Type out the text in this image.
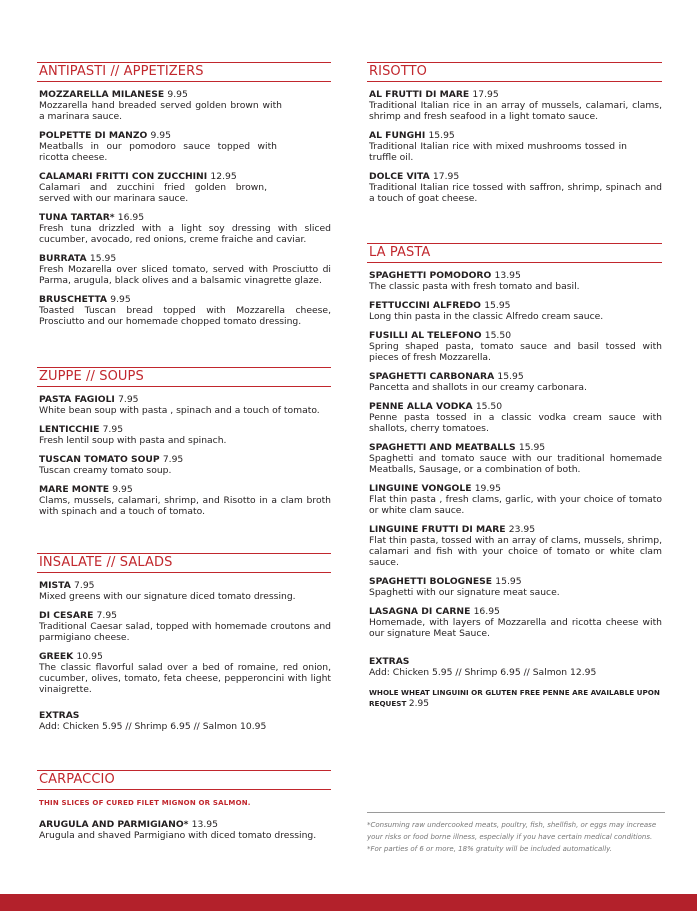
ANTIPASTI // APPETIZERS
MOZZARELLA MILANESE 9.95
Mozzarella hand breaded served golden brown with a marinara sauce.
POLPETTE DI MANZO 9.95
Meatballs in our pomodoro sauce topped with ricotta cheese.
CALAMARI FRITTI CON ZUCCHINI 12.95
Calamari and zucchini fried golden brown, served with our marinara sauce.
TUNA TARTAR* 16.95
Fresh tuna drizzled with a light soy dressing with sliced cucumber, avocado, red onions, creme fraiche and caviar.
BURRATA 15.95
Fresh Mozarella over sliced tomato, served with Prosciutto di Parma, arugula, black olives and a balsamic vinagrette glaze.
BRUSCHETTA 9.95
Toasted Tuscan bread topped with Mozzarella cheese, Prosciutto and our homemade chopped tomato dressing.
ZUPPE // SOUPS
PASTA FAGIOLI 7.95
White bean soup with pasta , spinach and a touch of tomato.
LENTICCHIE 7.95
Fresh lentil soup with pasta and spinach.
TUSCAN TOMATO SOUP 7.95
Tuscan creamy tomato soup.
MARE MONTE 9.95
Clams, mussels, calamari, shrimp, and Risotto in a clam broth with spinach and a touch of tomato.
INSALATE // SALADS
MISTA 7.95
Mixed greens with our signature diced tomato dressing.
DI CESARE 7.95
Traditional Caesar salad, topped with homemade croutons and parmigiano cheese.
GREEK 10.95
The classic flavorful salad over a bed of romaine, red onion, cucumber, olives, tomato, feta cheese, pepperoncini with light vinaigrette.
EXTRAS
Add: Chicken 5.95 // Shrimp 6.95 // Salmon 10.95
CARPACCIO
THIN SLICES OF CURED FILET MIGNON OR SALMON.
ARUGULA AND PARMIGIANO* 13.95
Arugula and shaved Parmigiano with diced tomato dressing.
RISOTTO
AL FRUTTI DI MARE 17.95
Traditional Italian rice in an array of mussels, calamari, clams, shrimp and fresh seafood in a light tomato sauce.
AL FUNGHI 15.95
Traditional Italian rice with mixed mushrooms tossed in truffle oil.
DOLCE VITA 17.95
Traditional Italian rice tossed with saffron, shrimp, spinach and a touch of goat cheese.
LA PASTA
SPAGHETTI POMODORO 13.95
The classic pasta with fresh tomato and basil.
FETTUCCINI ALFREDO 15.95
Long thin pasta in the classic Alfredo cream sauce.
FUSILLI AL TELEFONO 15.50
Spring shaped pasta, tomato sauce and basil tossed with pieces of fresh Mozzarella.
SPAGHETTI CARBONARA 15.95
Pancetta and shallots in our creamy carbonara.
PENNE ALLA VODKA 15.50
Penne pasta tossed in a classic vodka cream sauce with shallots, cherry tomatoes.
SPAGHETTI AND MEATBALLS 15.95
Spaghetti and tomato sauce with our traditional homemade Meatballs, Sausage, or a combination of both.
LINGUINE VONGOLE 19.95
Flat thin pasta , fresh clams, garlic, with your choice of tomato or white clam sauce.
LINGUINE FRUTTI DI MARE 23.95
Flat thin pasta, tossed with an array of clams, mussels, shrimp, calamari and fish with your choice of tomato or white clam sauce.
SPAGHETTI BOLOGNESE 15.95
Spaghetti with our signature meat sauce.
LASAGNA DI CARNE 16.95
Homemade, with layers of Mozzarella and ricotta cheese with our signature Meat Sauce.
EXTRAS
Add: Chicken 5.95 // Shrimp 6.95 // Salmon 12.95
WHOLE WHEAT LINGUINI OR GLUTEN FREE PENNE ARE AVAILABLE UPON REQUEST 2.95
*Consuming raw undercooked meats, poultry, fish, shellfish, or eggs may increase your risks or food borne illness, especially if you have certain medical conditions.
*For parties of 6 or more, 18% gratuity will be included automatically.
